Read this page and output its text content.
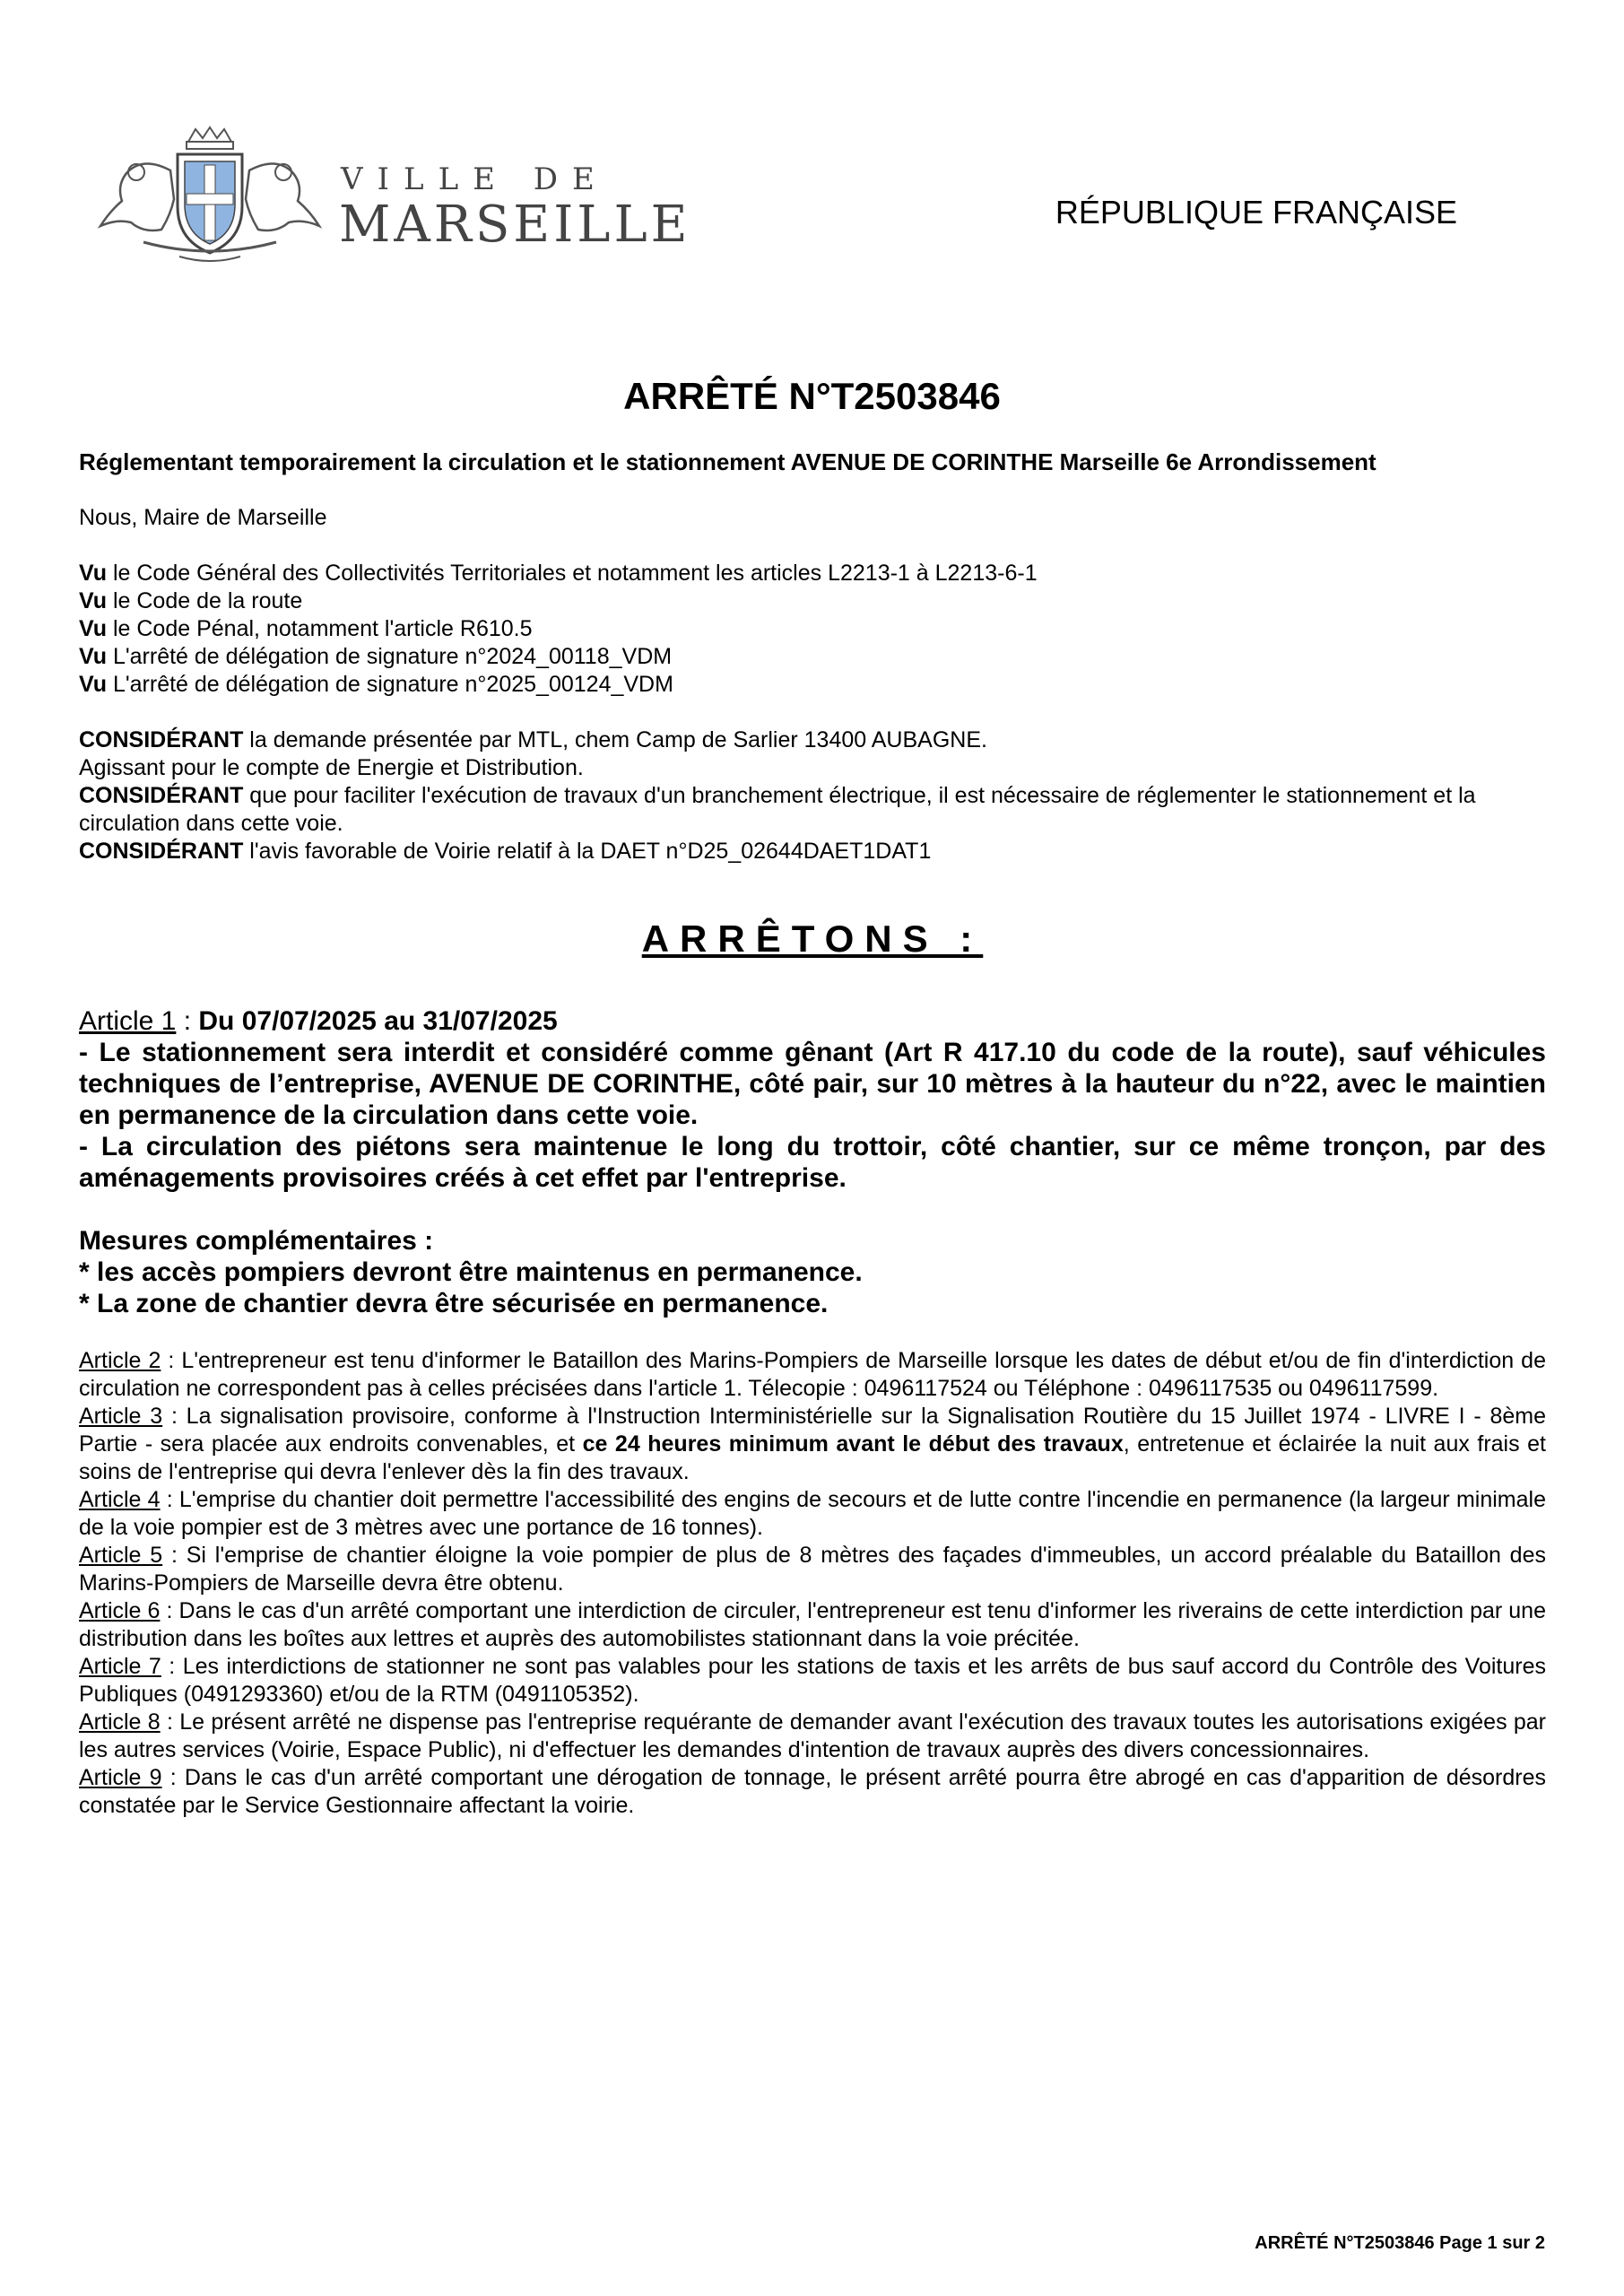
VILLE DE
MARSEILLE	RÉPUBLIQUE FRANÇAISE
ARRÊTÉ N°T2503846
Réglementant temporairement la circulation et le stationnement AVENUE DE CORINTHE Marseille 6e Arrondissement

Nous, Maire de Marseille

Vu le Code Général des Collectivités Territoriales et notamment les articles L2213-1 à L2213-6-1

Vu le Code de la route

Vu le Code Pénal, notamment l'article R610.5

Vu L'arrêté de délégation de signature n°2024_00118_VDM

Vu L'arrêté de délégation de signature n°2025_00124_VDM

CONSIDÉRANT la demande présentée par MTL, chem Camp de Sarlier 13400 AUBAGNE.

Agissant pour le compte de Energie et Distribution.

CONSIDÉRANT que pour faciliter l'exécution de travaux d'un branchement électrique, il est nécessaire de réglementer le stationnement et la circulation dans cette voie.

CONSIDÉRANT l'avis favorable de Voirie relatif à la DAET n°D25_02644DAET1DAT1

ARRÊTONS :

Article 1 : Du 07/07/2025 au 31/07/2025

- Le stationnement sera interdit et considéré comme gênant (Art R 417.10 du code de la route), sauf véhicules techniques de l’entreprise, AVENUE DE CORINTHE, côté pair, sur 10 mètres à la hauteur du n°22, avec le maintien en permanence de la circulation dans cette voie.

- La circulation des piétons sera maintenue le long du trottoir, côté chantier, sur ce même tronçon, par des aménagements provisoires créés à cet effet par l'entreprise.

Mesures complémentaires :

* les accès pompiers devront être maintenus en permanence.

* La zone de chantier devra être sécurisée en permanence.

Article 2 : L'entrepreneur est tenu d'informer le Bataillon des Marins-Pompiers de Marseille lorsque les dates de début et/ou de fin d'interdiction de circulation ne correspondent pas à celles précisées dans l'article 1. Télecopie : 0496117524 ou Téléphone : 0496117535 ou 0496117599.

Article 3 : La signalisation provisoire, conforme à l'Instruction Interministérielle sur la Signalisation Routière du 15 Juillet 1974 - LIVRE I - 8ème Partie - sera placée aux endroits convenables, et ce 24 heures minimum avant le début des travaux, entretenue et éclairée la nuit aux frais et soins de l'entreprise qui devra l'enlever dès la fin des travaux.

Article 4 : L'emprise du chantier doit permettre l'accessibilité des engins de secours et de lutte contre l'incendie en permanence (la largeur minimale de la voie pompier est de 3 mètres avec une portance de 16 tonnes).

Article 5 : Si l'emprise de chantier éloigne la voie pompier de plus de 8 mètres des façades d'immeubles, un accord préalable du Bataillon des Marins-Pompiers de Marseille devra être obtenu.

Article 6 : Dans le cas d'un arrêté comportant une interdiction de circuler, l'entrepreneur est tenu d'informer les riverains de cette interdiction par une distribution dans les boîtes aux lettres et auprès des automobilistes stationnant dans la voie précitée.

Article 7 : Les interdictions de stationner ne sont pas valables pour les stations de taxis et les arrêts de bus sauf accord du Contrôle des Voitures Publiques (0491293360) et/ou de la RTM (0491105352).

Article 8 : Le présent arrêté ne dispense pas l'entreprise requérante de demander avant l'exécution des travaux toutes les autorisations exigées par les autres services (Voirie, Espace Public), ni d'effectuer les demandes d'intention de travaux auprès des divers concessionnaires.

Article 9 : Dans le cas d'un arrêté comportant une dérogation de tonnage, le présent arrêté pourra être abrogé en cas d'apparition de désordres constatée par le Service Gestionnaire affectant la voirie.

ARRÊTÉ N°T2503846 Page 1 sur 2
